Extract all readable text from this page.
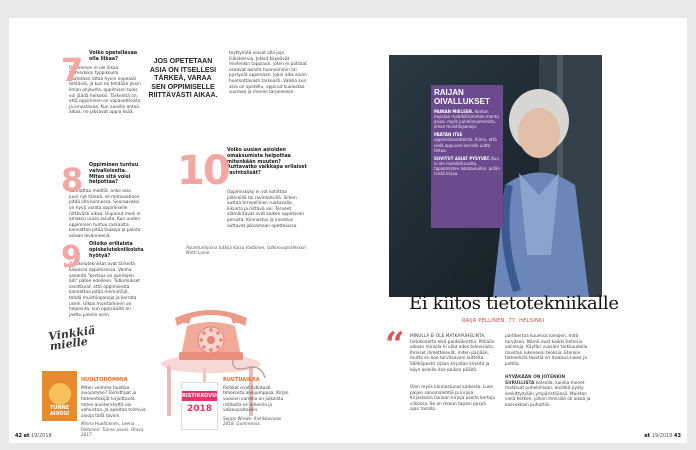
7 Voiko opetellavaa olla liikaa?
Oppiminen ei ole liikaa. Esimerkiksi typpikoulla saatetaan ottaa hyvin nopeasti tehtäviä, ja kun ne tehdään yksin ilman ohjausta, oppimisen tulos voi jäädä heikoksi. Tärkeintä on, että oppiminen on vapaaehtoista ja innostavaa. Kun aivoille antaa aikaa, ne jaksavat oppia lisää.
8 Oppiminen tuntuu vaivalloiselta. Miten sitä voisi helpottaa?
Kannattaa miettiä, onko asia juuri nyt tärkeä, eli motivaatioon pitää olla kunnossa. Seuraavaksi on hyvä varata oppimiselle riittävästi aikaa. Uupunut mieli ei omaksu uusia asioita. Kun uuden oppiminen tuntuu raskaalta, kannattaa pitää taukoja ja palata asiaan levänneenä.
9 Olisiko erillaista opiskelutekniikoista hyötyä?
Opiskelutekniikat ovat tärkeitä kaikessa oppimisessa. Vanha sanonta "kertaus on opintojen äiti" pätee edelleen. Tutkimukset osoittavat, että oppimisesta kannattaa pitää merkintöjä, tehdä muistiinpanoja ja kerrata usein. Ulkoa muistaminen on helpointa, kun oppisisältö on jaettu pieniin osiin.
JOS OPETETAAN ASIA ON ITSELLESI TÄRKEÄ, VARAA SEN OPPIMISELLE RIITTÄVÄSTI AIKAA.
teyttymää voivat olla joja liiäistelevia. Jotkut kiipeävät mielenkin tappiaan, joten ei potilaat osaavat asioita huonoimmin tai pystyvät oppimaan. Jokin alka aivan huomattavasti tarkeasti. Vaikka kun asia on opetellu, oppinut kuulostaa suoraan ja menee tarpeeseen.
10
Voiko uusien asioiden omaksumista helpottaa mitenkään muuten? Auttavatko vaikkapa erilaiset ravintolisät?
Oppimiskyky ei vot kohittaa pillereillä tai ravintolisillä. Siihen auttaa terveellinen ruokavalio, liikunta ja riittävä uni. Terveet elämäntavat ovat kaiken oppimisen perusta. Kiinnostus ja innostus auttavat jaksamaan opettelussa.
Asiantuntijoina tutkija Kaisa Vaittinen, tutkimusprofessori Matti Laine.
Vinkkiä mielle
TUNNE AIVOSI
HUOLTOHOMMIA
Miten voimme huoltaa aivojamme? Toimittajat ja tieteentekijät kirjoittavat, miten aivoterveyttä voi vahvistaa. Ja opastaa toimivia aivoja tällä tavoin.
Minna Huotilainen, Leena Peltonen: Tunne aivosi. Otava 2017.
RISTIKKOVUOSI
2018
RUUTUAIKAA
Ristikot ovat tutkitusti tehokasta aivojumppaa. Kirjan vuosien varrella on julkaistu ristikoita eri aiheista ja vaikeusasteisiin.
Seppo Wrede: Ristikkovuosi 2018. Gummerus.
42 et 19/2018
RAIJAN OIVALLUKSET

PAINAN MIELEEN. Koetan muistaa mahdollisimman monta asiaa, myös puhelinnumeroita, ilman muistiinpanoja.

PÄÄTÄN ITSE oppimistavoitteista. Kiinni, että vielä oppuvan kerralla uutta tietoa.

SOVITUT ASIAT PYSYVÄT. Kun ei ole mahdollisuutta, tapaamisten aikatauluihin, pidän niistä kirjaa.

Ei kiitos tietotekniikalle
RAIJA PELLINEN, 77, HELSINKI
“ MINULLA EI OLE MATKAPUHELINTA, tietokonetta eikä pankkikorttia. Pitkään aikaan minulla ei ollut edes televisiota. Ihmiset ihmettelevät, miten pärjään, mutta en koe tarvitsevani laitteita. Sähköpostit sijaan kirjoitan kirjeitä ja käyn asioilla itse paikan päällä.
Olen myös kiinnostunut kaikesta. Luen paljon sanomalehtiä ja kirjoja. Kirjastosta lainaan kirjoja useita kertoja viikossa. Se on minun tapani pysyä ajan tasalla.
partikertaa kuuessa sanojen, mitä tarvitsen. Nämä ovat kaikki tietoisia valintoja. Käytän vuosien tarkkuudella muistan lukeneeni teoksia. Etenkin tieteellistä tekstiä on mukava lukea ja pohtia.
HYVÄKÄÄN ON JOTENKIN SURULLISTA katsella, kuinka monet matkivat puhelimiaan, eivätkä pysty keskittymään ympäristöönsä. Muistan vielä hetken, jolloin ihmisillä oli aikaa ja kasvokkain puhuttiin.
et 19/2018 43
